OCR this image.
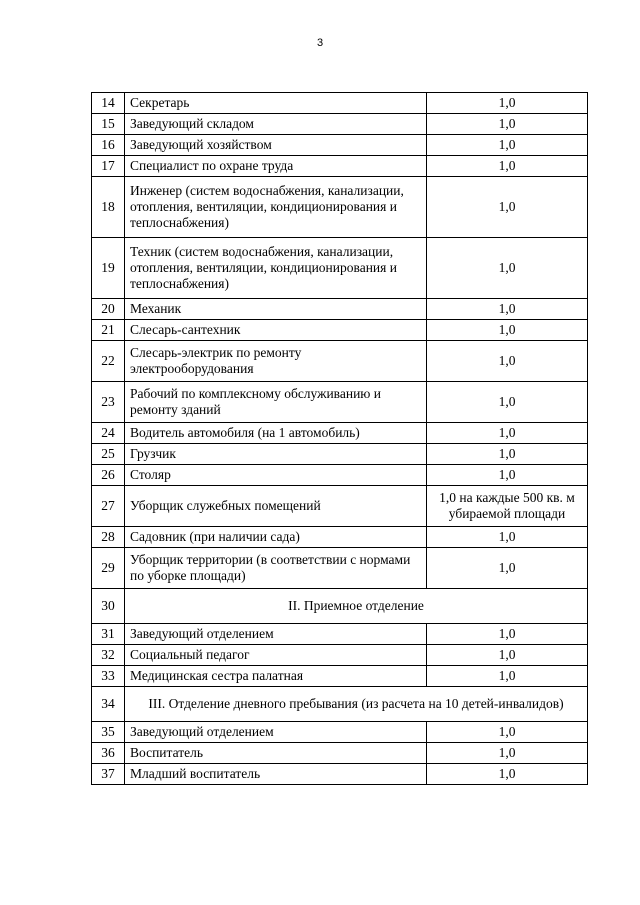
3
14	Секретарь	1,0
15	Заведующий складом	1,0
16	Заведующий хозяйством	1,0
17	Специалист по охране труда	1,0
18	Инженер (систем водоснабжения, канализации, отопления, вентиляции, кондиционирования и теплоснабжения)	1,0
19	Техник (систем водоснабжения, канализации, отопления, вентиляции, кондиционирования и теплоснабжения)	1,0
20	Механик	1,0
21	Слесарь-сантехник	1,0
22	Слесарь-электрик по ремонту электрооборудования	1,0
23	Рабочий по комплексному обслуживанию и ремонту зданий	1,0
24	Водитель автомобиля (на 1 автомобиль)	1,0
25	Грузчик	1,0
26	Столяр	1,0
27	Уборщик служебных помещений	1,0 на каждые 500 кв. м убираемой площади
28	Садовник (при наличии сада)	1,0
29	Уборщик территории (в соответствии с нормами по уборке площади)	1,0
30	II. Приемное отделение	
31	Заведующий отделением	1,0
32	Социальный педагог	1,0
33	Медицинская сестра палатная	1,0
34	III. Отделение дневного пребывания (из расчета на 10 детей-инвалидов)	
35	Заведующий отделением	1,0
36	Воспитатель	1,0
37	Младший воспитатель	1,0
